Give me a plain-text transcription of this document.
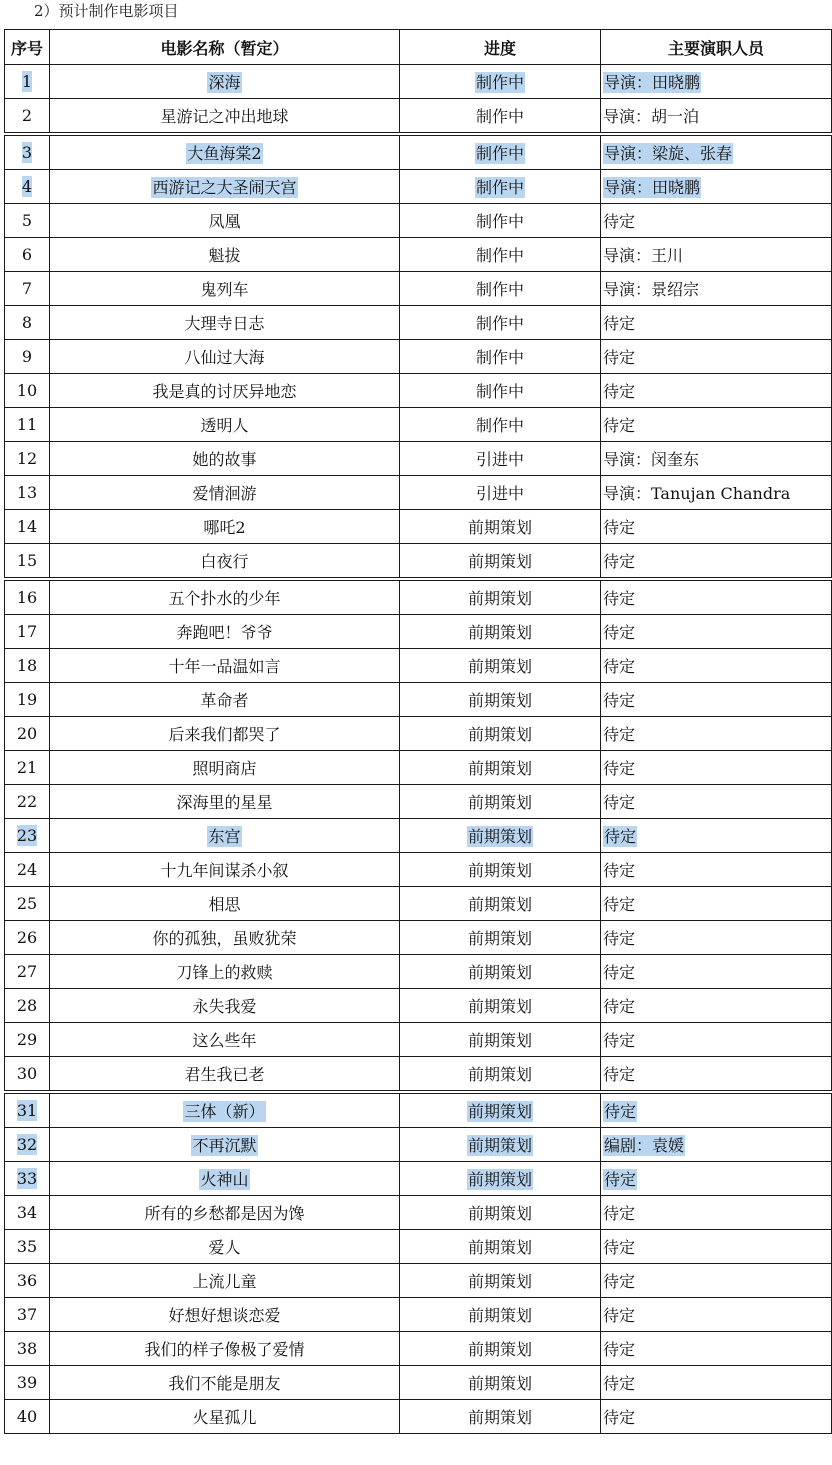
2）预计制作电影项目
序号	电影名称（暂定）	进度	主要演职人员
1	深海	制作中	导演：田晓鹏
2	星游记之冲出地球	制作中	导演：胡一泊
3	大鱼海棠2	制作中	导演：梁旋、张春
4	西游记之大圣闹天宫	制作中	导演：田晓鹏
5	凤凰	制作中	待定
6	魁拔	制作中	导演：王川
7	鬼列车	制作中	导演：景绍宗
8	大理寺日志	制作中	待定
9	八仙过大海	制作中	待定
10	我是真的讨厌异地恋	制作中	待定
11	透明人	制作中	待定
12	她的故事	引进中	导演：闵奎东
13	爱情洄游	引进中	导演：Tanujan Chandra
14	哪吒2	前期策划	待定
15	白夜行	前期策划	待定
16	五个扑水的少年	前期策划	待定
17	奔跑吧！爷爷	前期策划	待定
18	十年一品温如言	前期策划	待定
19	革命者	前期策划	待定
20	后来我们都哭了	前期策划	待定
21	照明商店	前期策划	待定
22	深海里的星星	前期策划	待定
23	东宫	前期策划	待定
24	十九年间谋杀小叙	前期策划	待定
25	相思	前期策划	待定
26	你的孤独，虽败犹荣	前期策划	待定
27	刀锋上的救赎	前期策划	待定
28	永失我爱	前期策划	待定
29	这么些年	前期策划	待定
30	君生我已老	前期策划	待定
31	三体（新）	前期策划	待定
32	不再沉默	前期策划	编剧：袁媛
33	火神山	前期策划	待定
34	所有的乡愁都是因为馋	前期策划	待定
35	爱人	前期策划	待定
36	上流儿童	前期策划	待定
37	好想好想谈恋爱	前期策划	待定
38	我们的样子像极了爱情	前期策划	待定
39	我们不能是朋友	前期策划	待定
40	火星孤儿	前期策划	待定
